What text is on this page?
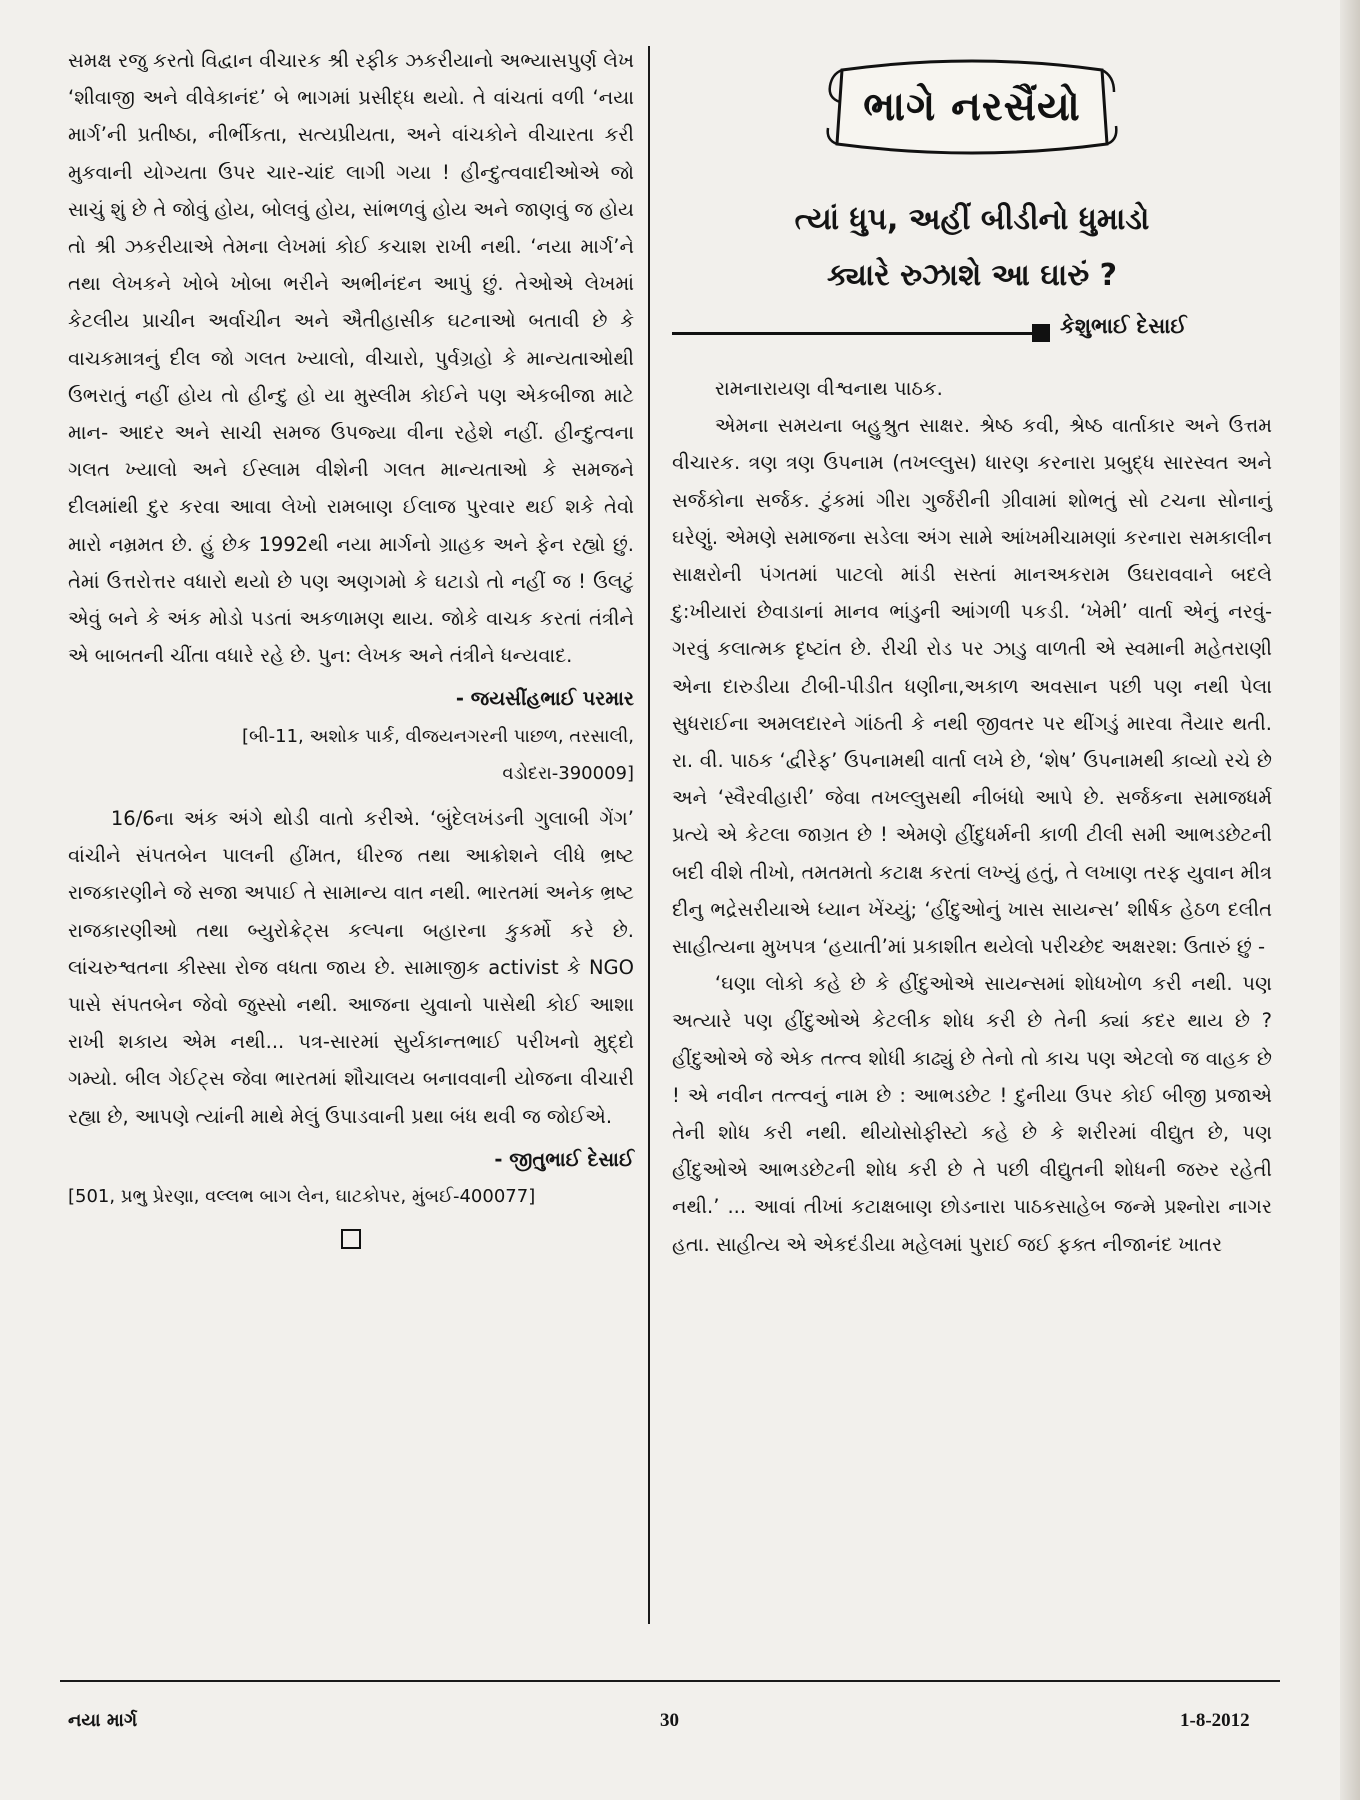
સમક્ષ રજુ કરતો વિદ્વાન વીચારક શ્રી રફીક ઝકરીયાનો અભ્યાસપુર્ણ લેખ ‘શીવાજી અને વીવેકાનંદ’ બે ભાગમાં પ્રસીદ્ધ થયો. તે વાંચતાં વળી ‘નયા માર્ગ’ની પ્રતીષ્ઠા, નીર્ભીકતા, સત્યપ્રીયતા, અને વાંચકોને વીચારતા કરી મુકવાની યોગ્યતા ઉપર ચાર-ચાંદ લાગી ગયા ! હીન્દુત્વવાદીઓએ જો સાચું શું છે તે જોવું હોય, બોલવું હોય, સાંભળવું હોય અને જાણવું જ હોય તો શ્રી ઝકરીયાએ તેમના લેખમાં કોઈ કચાશ રાખી નથી. ‘નયા માર્ગ’ને તથા લેખકને ખોબે ખોબા ભરીને અભીનંદન આપું છું. તેઓએ લેખમાં કેટલીય પ્રાચીન અર્વાચીન અને ઐતીહાસીક ઘટનાઓ બતાવી છે કે વાચકમાત્રનું દીલ જો ગલત ખ્યાલો, વીચારો, પુર્વગ્રહો કે માન્યતાઓથી ઉભરાતું નહીં હોય તો હીન્દુ હો યા મુસ્લીમ કોઈને પણ એકબીજા માટે માન- આદર અને સાચી સમજ ઉપજ્યા વીના રહેશે નહીં. હીન્દુત્વના ગલત ખ્યાલો અને ઈસ્લામ વીશેની ગલત માન્યતાઓ કે સમજને દીલમાંથી દુર કરવા આવા લેખો રામબાણ ઈલાજ પુરવાર થઈ શકે તેવો મારો નમ્રમત છે. હું છેક 1992થી નયા માર્ગનો ગ્રાહક અને ફેન રહ્યો છું. તેમાં ઉત્તરોત્તર વધારો થયો છે પણ અણગમો કે ઘટાડો તો નહીં જ ! ઉલટું એવું બને કે અંક મોડો પડતાં અકળામણ થાય. જોકે વાચક કરતાં તંત્રીને એ બાબતની ચીંતા વધારે રહે છે. પુન: લેખક અને તંત્રીને ધન્યવાદ.

- જયસીંહભાઈ પરમાર

[બી-11, અશોક પાર્ક, વીજયનગરની પાછળ, તરસાલી,

વડોદરા-390009]

16/6ના અંક અંગે થોડી વાતો કરીએ. ‘બુંદેલખંડની ગુલાબી ગેંગ’ વાંચીને સંપતબેન પાલની હીંમત, ધીરજ તથા આક્રોશને લીધે ભ્રષ્ટ રાજકારણીને જે સજા અપાઈ તે સામાન્ય વાત નથી. ભારતમાં અનેક ભ્રષ્ટ રાજકારણીઓ તથા બ્યુરોક્રેટ્સ કલ્પના બહારના કુકર્મો કરે છે. લાંચરુશ્વતના કીસ્સા રોજ વધતા જાય છે. સામાજીક activist કે NGO પાસે સંપતબેન જેવો જુસ્સો નથી. આજના યુવાનો પાસેથી કોઈ આશા રાખી શકાય એમ નથી... પત્ર-સારમાં સુર્યકાન્તભાઈ પરીખનો મુદ્દો ગમ્યો. બીલ ગેઈટ્સ જેવા ભારતમાં શૌચાલય બનાવવાની યોજના વીચારી રહ્યા છે, આપણે ત્યાંની માથે મેલું ઉપાડવાની પ્રથા બંધ થવી જ જોઈએ.

- જીતુભાઈ દેસાઈ

[501, પ્રભુ પ્રેરણા, વલ્લભ બાગ લેન, ઘાટકોપર, મુંબઈ-400077]

ભાગે નરસૈંયો
ત્યાં ધુપ, અહીં બીડીનો ધુમાડો
ક્યારે રુઝાશે આ ઘારું ?
કેશુભાઈ દેસાઈ

રામનારાયણ વીશ્વનાથ પાઠક.

એમના સમયના બહુશ્રુત સાક્ષર. શ્રેષ્ઠ કવી, શ્રેષ્ઠ વાર્તાકાર અને ઉત્તમ વીચારક. ત્રણ ત્રણ ઉપનામ (તખલ્લુસ) ધારણ કરનારા પ્રબુદ્ધ સારસ્વત અને સર્જકોના સર્જક. ટુંકમાં ગીરા ગુર્જરીની ગ્રીવામાં શોભતું સો ટચના સોનાનું ઘરેણું. એમણે સમાજના સડેલા અંગ સામે આંખમીચામણાં કરનારા સમકાલીન સાક્ષરોની પંગતમાં પાટલો માંડી સસ્તાં માનઅકરામ ઉઘરાવવાને બદલે દુ:ખીયારાં છેવાડાનાં માનવ ભાંડુની આંગળી પકડી. ‘ખેમી’ વાર્તા એનું નરવું-ગરવું કલાત્મક દૃષ્ટાંત છે. રીચી રોડ પર ઝાડુ વાળતી એ સ્વમાની મહેતરાણી એના દારુડીયા ટીબી-પીડીત ધણીના,અકાળ અવસાન પછી પણ નથી પેલા સુધરાઈના અમલદારને ગાંઠતી કે નથી જીવતર પર થીંગડું મારવા તૈયાર થતી. રા. વી. પાઠક ‘દ્વીરેફ’ ઉપનામથી વાર્તા લખે છે, ‘શેષ’ ઉપનામથી કાવ્યો રચે છે અને ‘સ્વૈરવીહારી’ જેવા તખલ્લુસથી નીબંધો આપે છે. સર્જકના સમાજધર્મ પ્રત્યે એ કેટલા જાગ્રત છે ! એમણે હીંદુધર્મની કાળી ટીલી સમી આભડછેટની બદી વીશે તીખો, તમતમતો કટાક્ષ કરતાં લખ્યું હતું, તે લખાણ તરફ યુવાન મીત્ર દીનુ ભદ્રેસરીયાએ ધ્યાન ખેંચ્યું; ‘હીંદુઓનું ખાસ સાયન્સ’ શીર્ષક હેઠળ દલીત સાહીત્યના મુખપત્ર ‘હયાતી’માં પ્રકાશીત થયેલો પરીચ્છેદ અક્ષરશ: ઉતારું છું -

‘ઘણા લોકો કહે છે કે હીંદુઓએ સાયન્સમાં શોધખોળ કરી નથી. પણ અત્યારે પણ હીંદુઓએ કેટલીક શોધ કરી છે તેની ક્યાં કદર થાય છે ? હીંદુઓએ જે એક તત્ત્વ શોધી કાઢ્યું છે તેનો તો કાચ પણ એટલો જ વાહક છે ! એ નવીન તત્ત્વનું નામ છે : આભડછેટ ! દુનીયા ઉપર કોઈ બીજી પ્રજાએ તેની શોધ કરી નથી. થીયોસોફીસ્ટો કહે છે કે શરીરમાં વીદ્યુત છે, પણ હીંદુઓએ આભડછેટની શોધ કરી છે તે પછી વીદ્યુતની શોધની જરુર રહેતી નથી.’ ... આવાં તીખાં કટાક્ષબાણ છોડનારા પાઠકસાહેબ જન્મે પ્રશ્નોરા નાગર હતા. સાહીત્ય એ એકદંડીયા મહેલમાં પુરાઈ જઈ ફક્ત નીજાનંદ ખાતર

નયા માર્ગ	30	1-8-2012
